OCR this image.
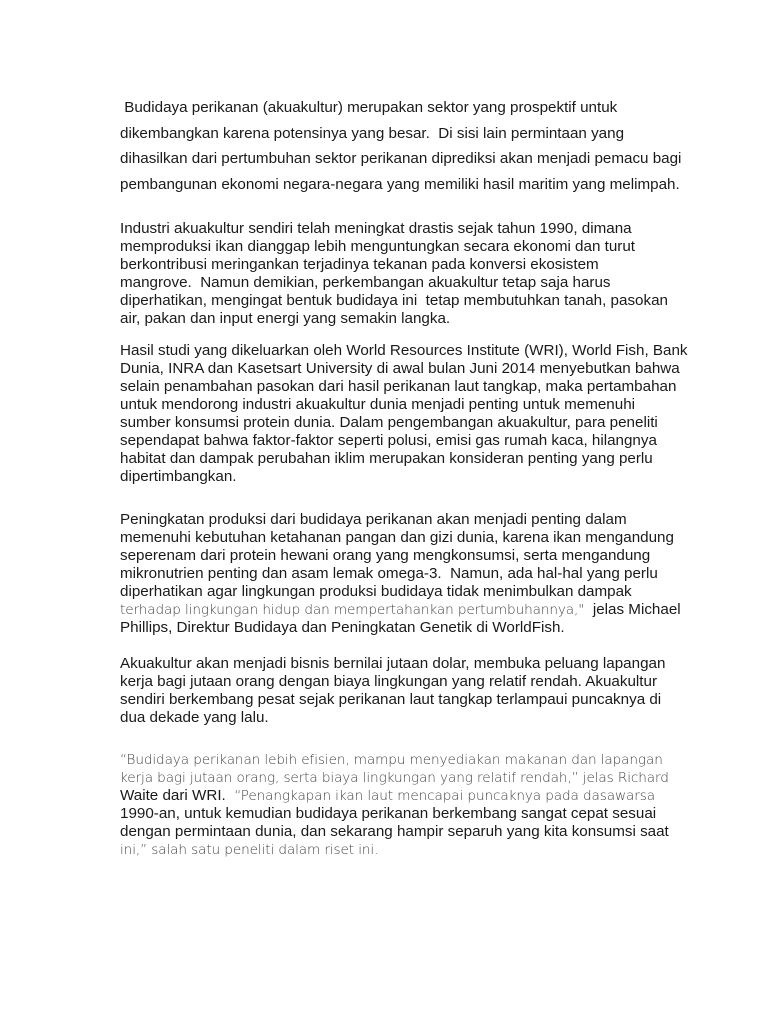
Budidaya perikanan (akuakultur) merupakan sektor yang prospektif untuk
dikembangkan karena potensinya yang besar.  Di sisi lain permintaan yang
dihasilkan dari pertumbuhan sektor perikanan diprediksi akan menjadi pemacu bagi
pembangunan ekonomi negara-negara yang memiliki hasil maritim yang melimpah.
Industri akuakultur sendiri telah meningkat drastis sejak tahun 1990, dimana
memproduksi ikan dianggap lebih menguntungkan secara ekonomi dan turut
berkontribusi meringankan terjadinya tekanan pada konversi ekosistem
mangrove.  Namun demikian, perkembangan akuakultur tetap saja harus
diperhatikan, mengingat bentuk budidaya ini  tetap membutuhkan tanah, pasokan
air, pakan dan input energi yang semakin langka.
Hasil studi yang dikeluarkan oleh World Resources Institute (WRI), World Fish, Bank
Dunia, INRA dan Kasetsart University di awal bulan Juni 2014 menyebutkan bahwa
selain penambahan pasokan dari hasil perikanan laut tangkap, maka pertambahan
untuk mendorong industri akuakultur dunia menjadi penting untuk memenuhi
sumber konsumsi protein dunia. Dalam pengembangan akuakultur, para peneliti
sependapat bahwa faktor-faktor seperti polusi, emisi gas rumah kaca, hilangnya
habitat dan dampak perubahan iklim merupakan konsideran penting yang perlu
dipertimbangkan.
Peningkatan produksi dari budidaya perikanan akan menjadi penting dalam
memenuhi kebutuhan ketahanan pangan dan gizi dunia, karena ikan mengandung
seperenam dari protein hewani orang yang mengkonsumsi, serta mengandung
mikronutrien penting dan asam lemak omega-3.  Namun, ada hal-hal yang perlu
diperhatikan agar lingkungan produksi budidaya tidak menimbulkan dampak
terhadap lingkungan hidup dan mempertahankan pertumbuhannya,"  jelas Michael
Phillips, Direktur Budidaya dan Peningkatan Genetik di WorldFish.
Akuakultur akan menjadi bisnis bernilai jutaan dolar, membuka peluang lapangan
kerja bagi jutaan orang dengan biaya lingkungan yang relatif rendah. Akuakultur
sendiri berkembang pesat sejak perikanan laut tangkap terlampaui puncaknya di
dua dekade yang lalu.
“Budidaya perikanan lebih efisien, mampu menyediakan makanan dan lapangan
kerja bagi jutaan orang, serta biaya lingkungan yang relatif rendah,” jelas Richard
Waite dari WRI.  “Penangkapan ikan laut mencapai puncaknya pada dasawarsa
1990-an, untuk kemudian budidaya perikanan berkembang sangat cepat sesuai
dengan permintaan dunia, dan sekarang hampir separuh yang kita konsumsi saat
ini,” salah satu peneliti dalam riset ini.
